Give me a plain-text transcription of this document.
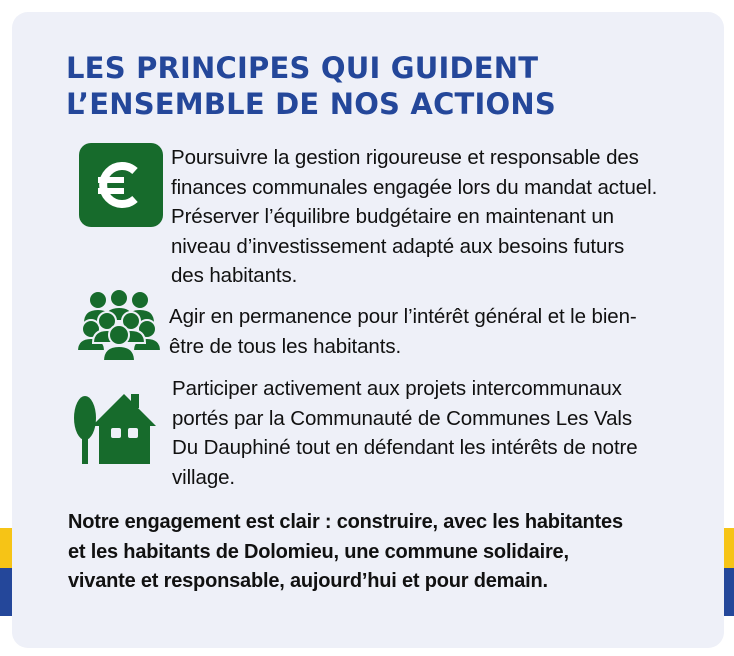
LES PRINCIPES QUI GUIDENT
L’ENSEMBLE DE NOS ACTIONS

Poursuivre la gestion rigoureuse et responsable des
finances communales engagée lors du mandat actuel.
Préserver l’équilibre budgétaire en maintenant un
niveau d’investissement adapté aux besoins futurs
des habitants.

Agir en permanence pour l’intérêt général et le bien-
être de tous les habitants.

Participer activement aux projets intercommunaux
portés par la Communauté de Communes Les Vals
Du Dauphiné tout en défendant les intérêts de notre
village.

Notre engagement est clair : construire, avec les habitantes
et les habitants de Dolomieu, une commune solidaire,
vivante et responsable, aujourd’hui et pour demain.
